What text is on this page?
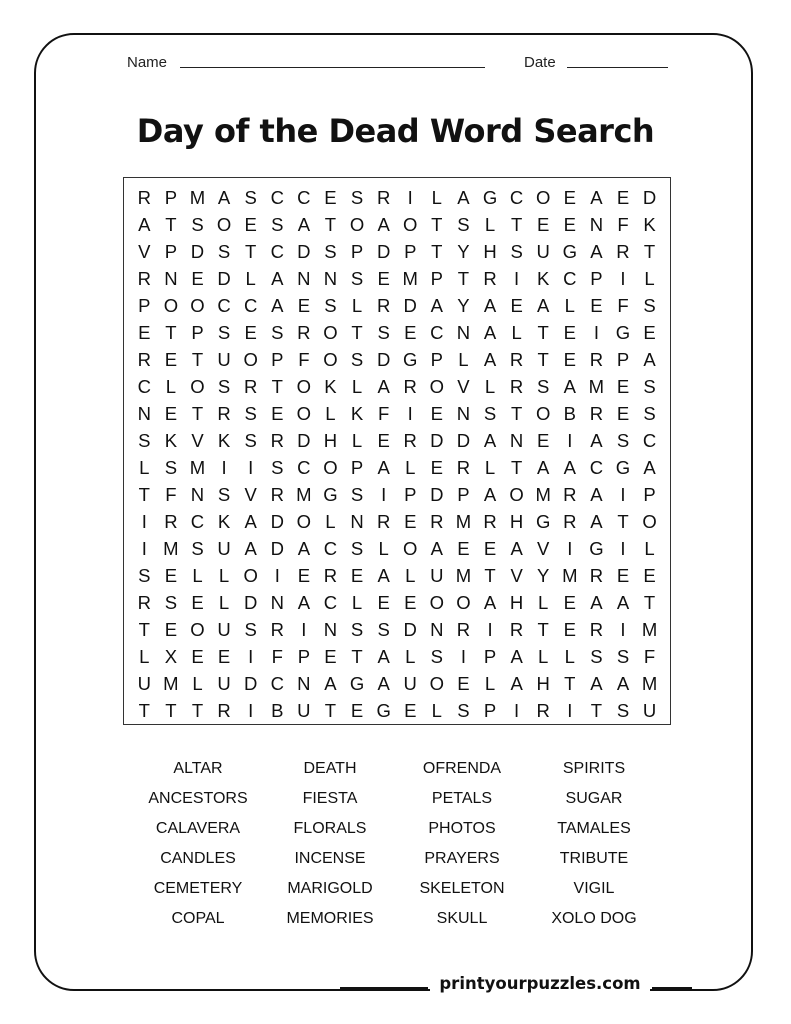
Name	Date
Day of the Dead Word Search
R P M A S C C E S R I	L A G C O E A E D
A T S O E S A T O A O T S L T E E N F K
V P D S T C D S P D P T Y H S U G A R T
R N E D L A N N S E M P T R I K C P I	L
P O O C C A E S L R D A Y A E A L E F S
E T P S E S R O T S E C N A L T E I G E
R E T U O P F O S D G P L A R T E R P A
C L O S R T O K L A R O V L R S A M E S
N E T R S E O L K F I E N S T O B R E S
S K V K S R D H L E R D D A N E I A S C
L S M I	I S C O P A L E R L T A A C G A
T F N S V R M G S I P D P A O M R A I P
I R C K A D O L N R E R M R H G R A T O
I M S U A D A C S L O A E E A V I G I	L
S E L L O I E R E A L U M T V Y M R E E
R S E L D N A C L E E O O A H L E A A T
T E O U S R I N S S D N R I R T E R I M
L X E E I F P E T A L S I P A L L S S F
U M L U D C N A G A U O E L A H T A A M
T T T R I B U T E G E L S P I R I T S U
ALTAR	DEATH	OFRENDA	SPIRITS
ANCESTORS	FIESTA	PETALS	SUGAR
CALAVERA	FLORALS	PHOTOS	TAMALES
CANDLES	INCENSE	PRAYERS	TRIBUTE
CEMETERY	MARIGOLD	SKELETON	VIGIL
COPAL	MEMORIES	SKULL	XOLO DOG
printyourpuzzles.com
